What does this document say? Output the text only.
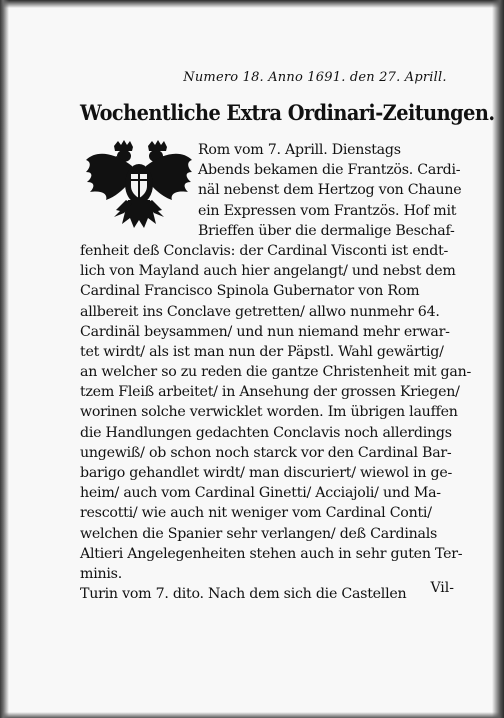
Numero 18. Anno 1691. den 27. Aprill.
Wochentliche Extra Ordinari-Zeitungen.
Rom vom 7. Aprill. Dienstags
Abends bekamen die Frantzös. Cardi-
näl nebenst dem Hertzog von Chaune
ein Expressen vom Frantzös. Hof mit
Brieffen über die dermalige Beschaf-
fenheit deß Conclavis: der Cardinal Visconti ist endt-
lich von Mayland auch hier angelangt/ und nebst dem
Cardinal Francisco Spinola Gubernator von Rom
allbereit ins Conclave getretten/ allwo nunmehr 64.
Cardinäl beysammen/ und nun niemand mehr erwar-
tet wirdt/ als ist man nun der Päpstl. Wahl gewärtig/
an welcher so zu reden die gantze Christenheit mit gan-
tzem Fleiß arbeitet/ in Ansehung der grossen Kriegen/
worinen solche verwicklet worden. Im übrigen lauffen
die Handlungen gedachten Conclavis noch allerdings
ungewiß/ ob schon noch starck vor den Cardinal Bar-
barigo gehandlet wirdt/ man discuriert/ wiewol in ge-
heim/ auch vom Cardinal Ginetti/ Acciajoli/ und Ma-
rescotti/ wie auch nit weniger vom Cardinal Conti/
welchen die Spanier sehr verlangen/ deß Cardinals
Altieri Angelegenheiten stehen auch in sehr guten Ter-
minis.
Turin vom 7. dito. Nach dem sich die Castellen	Vil-
